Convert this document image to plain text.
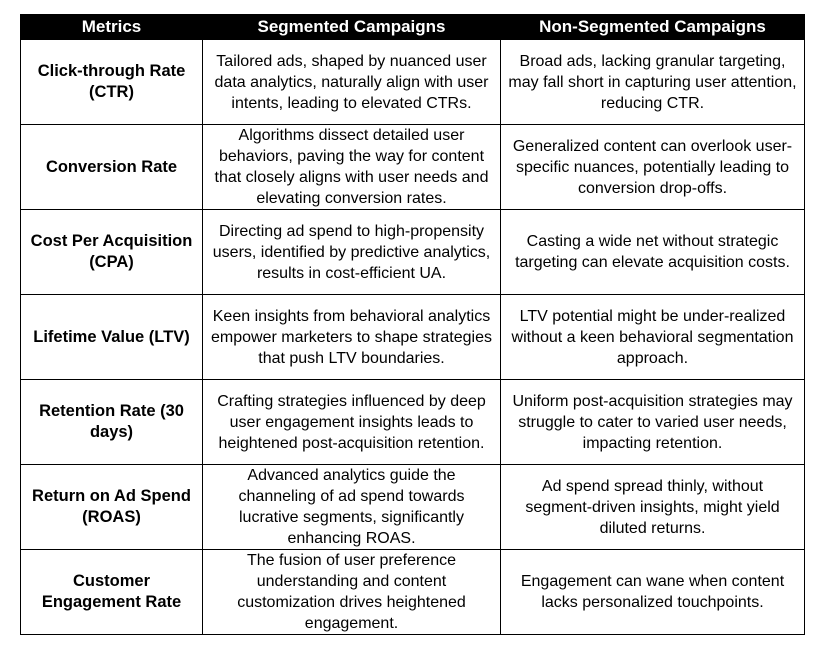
Metrics	Segmented Campaigns	Non-Segmented Campaigns
Click-through Rate (CTR)	Tailored ads, shaped by nuanced user data analytics, naturally align with user intents, leading to elevated CTRs.	Broad ads, lacking granular targeting, may fall short in capturing user attention, reducing CTR.
Conversion Rate	Algorithms dissect detailed user behaviors, paving the way for content that closely aligns with user needs and elevating conversion rates.	Generalized content can overlook user-specific nuances, potentially leading to conversion drop-offs.
Cost Per Acquisition (CPA)	Directing ad spend to high-propensity users, identified by predictive analytics, results in cost-efficient UA.	Casting a wide net without strategic targeting can elevate acquisition costs.
Lifetime Value (LTV)	Keen insights from behavioral analytics empower marketers to shape strategies that push LTV boundaries.	LTV potential might be under-realized without a keen behavioral segmentation approach.
Retention Rate (30 days)	Crafting strategies influenced by deep user engagement insights leads to heightened post-acquisition retention.	Uniform post-acquisition strategies may struggle to cater to varied user needs, impacting retention.
Return on Ad Spend (ROAS)	Advanced analytics guide the channeling of ad spend towards lucrative segments, significantly enhancing ROAS.	Ad spend spread thinly, without segment-driven insights, might yield diluted returns.
Customer Engagement Rate	The fusion of user preference understanding and content customization drives heightened engagement.	Engagement can wane when content lacks personalized touchpoints.
